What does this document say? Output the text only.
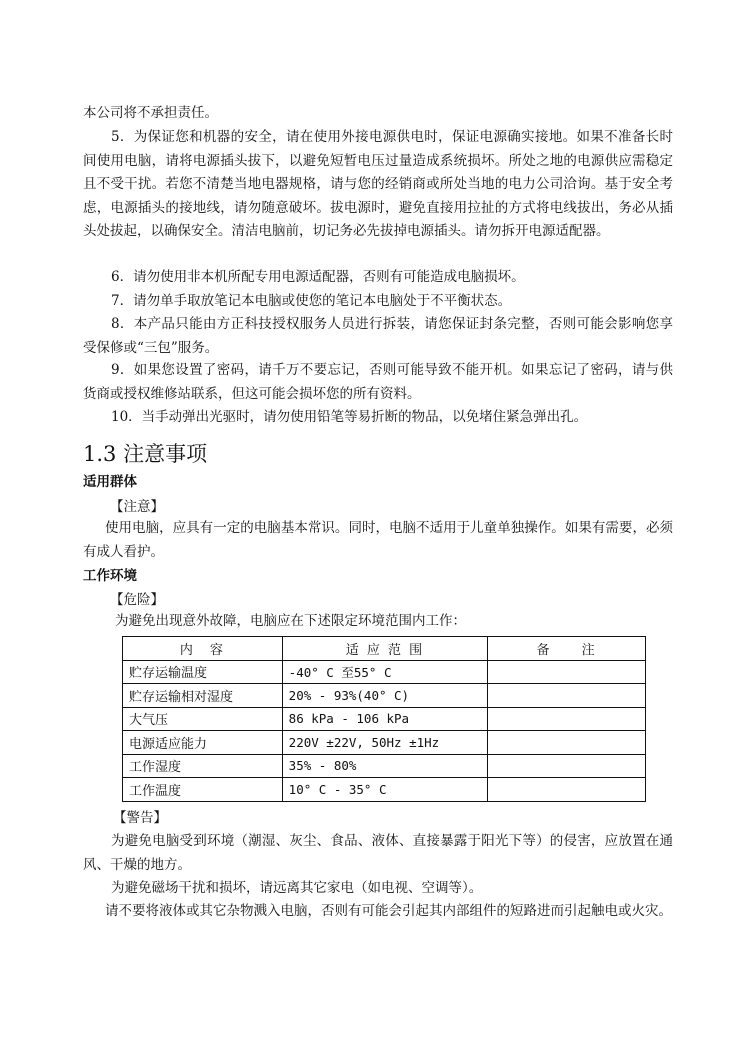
本公司将不承担责任。

5．为保证您和机器的安全，请在使用外接电源供电时，保证电源确实接地。如果不准备长时间使用电脑，请将电源插头拔下，以避免短暂电压过量造成系统损坏。所处之地的电源供应需稳定且不受干扰。若您不清楚当地电器规格，请与您的经销商或所处当地的电力公司洽询。基于安全考虑，电源插头的接地线，请勿随意破坏。拔电源时，避免直接用拉扯的方式将电线拔出，务必从插头处拔起，以确保安全。清洁电脑前，切记务必先拔掉电源插头。请勿拆开电源适配器。

6．请勿使用非本机所配专用电源适配器，否则有可能造成电脑损坏。

7．请勿单手取放笔记本电脑或使您的笔记本电脑处于不平衡状态。

8．本产品只能由方正科技授权服务人员进行拆装，请您保证封条完整，否则可能会影响您享受保修或“三包”服务。

9．如果您设置了密码，请千万不要忘记，否则可能导致不能开机。如果忘记了密码，请与供货商或授权维修站联系，但这可能会损坏您的所有资料。

10．当手动弹出光驱时，请勿使用铅笔等易折断的物品，以免堵住紧急弹出孔。

1.3 注意事项
适用群体

【注意】

使用电脑，应具有一定的电脑基本常识。同时，电脑不适用于儿童单独操作。如果有需要，必须有成人看护。

工作环境

【危险】

为避免出现意外故障，电脑应在下述限定环境范围内工作：

内　容	适 应 范 围	备　　注
贮存运输温度	-40° C 至55° C	
贮存运输相对湿度	20% - 93%(40° C)	
大气压	86 kPa - 106 kPa	
电源适应能力	220V ±22V, 50Hz ±1Hz	
工作湿度	35% - 80%	
工作温度	10° C - 35° C	

【警告】

为避免电脑受到环境（潮湿、灰尘、食品、液体、直接暴露于阳光下等）的侵害，应放置在通风、干燥的地方。

为避免磁场干扰和损坏，请远离其它家电（如电视、空调等）。

请不要将液体或其它杂物溅入电脑，否则有可能会引起其内部组件的短路进而引起触电或火灾。
